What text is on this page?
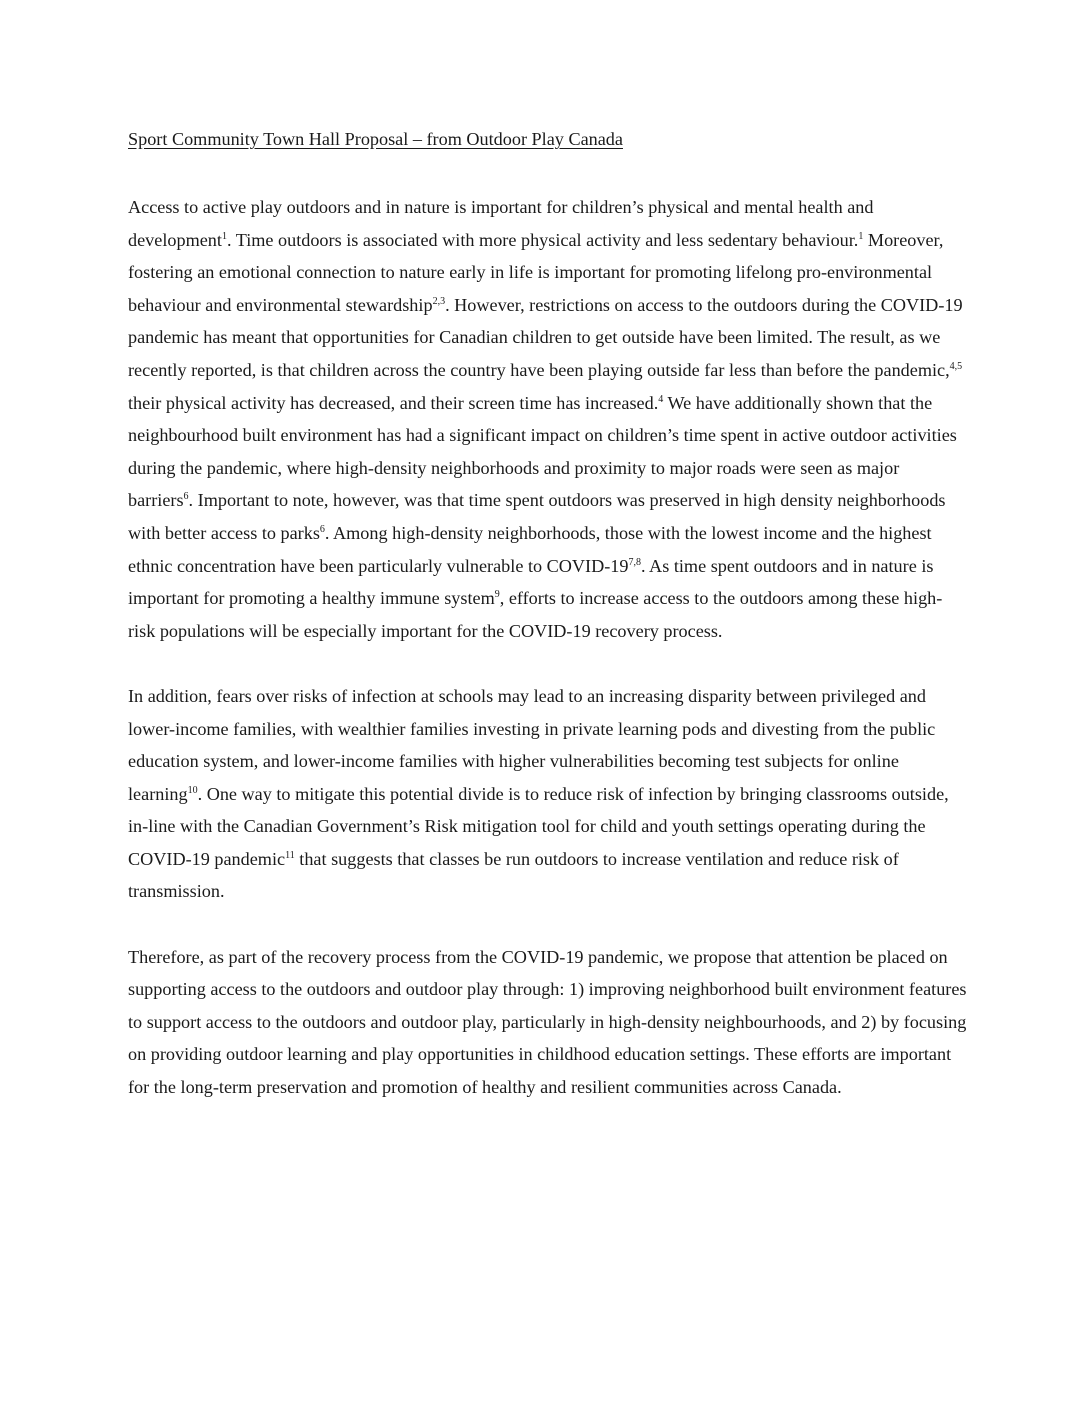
Sport Community Town Hall Proposal – from Outdoor Play Canada

Access to active play outdoors and in nature is important for children’s physical and mental health and development$^1$. Time outdoors is associated with more physical activity and less sedentary behaviour.$^1$ Moreover, fostering an emotional connection to nature early in life is important for promoting lifelong pro-environmental behaviour and environmental stewardship$^{2,3}$. However, restrictions on access to the outdoors during the COVID-19 pandemic has meant that opportunities for Canadian children to get outside have been limited. The result, as we recently reported, is that children across the country have been playing outside far less than before the pandemic,$^{4,5}$ their physical activity has decreased, and their screen time has increased.$^4$ We have additionally shown that the neighbourhood built environment has had a significant impact on children’s time spent in active outdoor activities during the pandemic, where high-density neighborhoods and proximity to major roads were seen as major barriers$^6$. Important to note, however, was that time spent outdoors was preserved in high density neighborhoods with better access to parks$^6$. Among high-density neighborhoods, those with the lowest income and the highest ethnic concentration have been particularly vulnerable to COVID-19$^{7,8}$. As time spent outdoors and in nature is important for promoting a healthy immune system$^9$, efforts to increase access to the outdoors among these high-risk populations will be especially important for the COVID-19 recovery process.

In addition, fears over risks of infection at schools may lead to an increasing disparity between privileged and lower-income families, with wealthier families investing in private learning pods and divesting from the public education system, and lower-income families with higher vulnerabilities becoming test subjects for online learning$^{10}$. One way to mitigate this potential divide is to reduce risk of infection by bringing classrooms outside, in-line with the Canadian Government’s Risk mitigation tool for child and youth settings operating during the COVID-19 pandemic$^{11}$ that suggests that classes be run outdoors to increase ventilation and reduce risk of transmission.

Therefore, as part of the recovery process from the COVID-19 pandemic, we propose that attention be placed on supporting access to the outdoors and outdoor play through: 1) improving neighborhood built environment features to support access to the outdoors and outdoor play, particularly in high-density neighbourhoods, and 2) by focusing on providing outdoor learning and play opportunities in childhood education settings. These efforts are important for the long-term preservation and promotion of healthy and resilient communities across Canada.
